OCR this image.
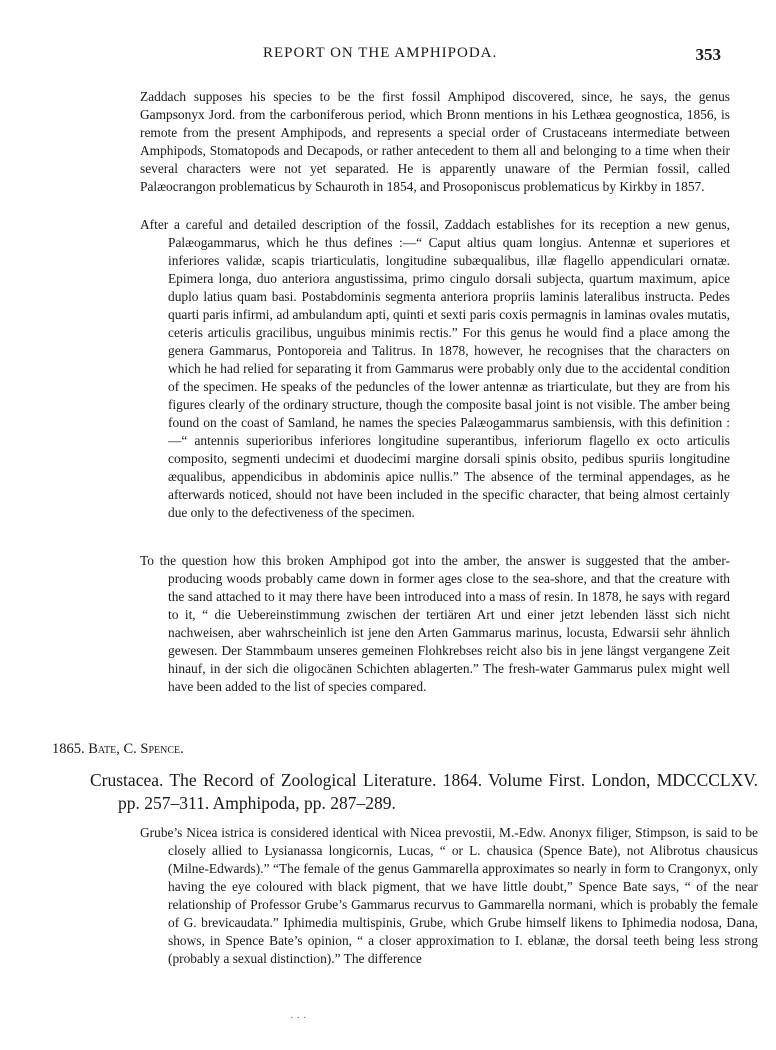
REPORT ON THE AMPHIPODA.	353

Zaddach supposes his species to be the first fossil Amphipod discovered, since, he says, the genus Gampsonyx Jord. from the carboniferous period, which Bronn mentions in his Lethæa geognostica, 1856, is remote from the present Amphipods, and represents a special order of Crustaceans intermediate between Amphipods, Stomatopods and Decapods, or rather antecedent to them all and belonging to a time when their several characters were not yet separated. He is apparently unaware of the Permian fossil, called Palæocrangon problematicus by Schauroth in 1854, and Prosoponiscus problematicus by Kirkby in 1857.

After a careful and detailed description of the fossil, Zaddach establishes for its reception a new genus, Palæogammarus, which he thus defines :—“ Caput altius quam longius. Antennæ et superiores et inferiores validæ, scapis triarticulatis, longitudine subæqualibus, illæ flagello appendiculari ornatæ. Epimera longa, duo anteriora angustissima, primo cingulo dorsali subjecta, quartum maximum, apice duplo latius quam basi. Postabdominis segmenta anteriora propriis laminis lateralibus instructa. Pedes quarti paris infirmi, ad ambulandum apti, quinti et sexti paris coxis permagnis in laminas ovales mutatis, ceteris articulis gracilibus, unguibus minimis rectis.” For this genus he would find a place among the genera Gammarus, Pontoporeia and Talitrus. In 1878, however, he recognises that the characters on which he had relied for separating it from Gammarus were probably only due to the accidental condition of the specimen. He speaks of the peduncles of the lower antennæ as triarticulate, but they are from his figures clearly of the ordinary structure, though the composite basal joint is not visible. The amber being found on the coast of Samland, he names the species Palæogammarus sambiensis, with this definition :—“ antennis superioribus inferiores longitudine superantibus, inferiorum flagello ex octo articulis composito, segmenti undecimi et duodecimi margine dorsali spinis obsito, pedibus spuriis longitudine æqualibus, appendicibus in abdominis apice nullis.” The absence of the terminal appendages, as he afterwards noticed, should not have been included in the specific character, that being almost certainly due only to the defectiveness of the specimen.

To the question how this broken Amphipod got into the amber, the answer is suggested that the amber-producing woods probably came down in former ages close to the sea-shore, and that the creature with the sand attached to it may there have been introduced into a mass of resin. In 1878, he says with regard to it, “ die Uebereinstimmung zwischen der tertiären Art und einer jetzt lebenden lässt sich nicht nachweisen, aber wahrscheinlich ist jene den Arten Gammarus marinus, locusta, Edwarsii sehr ähnlich gewesen. Der Stammbaum unseres gemeinen Flohkrebses reicht also bis in jene längst vergangene Zeit hinauf, in der sich die oligocänen Schichten ablagerten.” The fresh-water Gammarus pulex might well have been added to the list of species compared.

1865. Bate, C. Spence.
Crustacea. The Record of Zoological Literature. 1864. Volume First. London, MDCCCLXV. pp. 257–311. Amphipoda, pp. 287–289.
Grube’s Nicea istrica is considered identical with Nicea prevostii, M.-Edw. Anonyx filiger, Stimpson, is said to be closely allied to Lysianassa longicornis, Lucas, “ or L. chausica (Spence Bate), not Alibrotus chausicus (Milne-Edwards).” “The female of the genus Gammarella approximates so nearly in form to Crangonyx, only having the eye coloured with black pigment, that we have little doubt,” Spence Bate says, “ of the near relationship of Professor Grube’s Gammarus recurvus to Gammarella normani, which is probably the female of G. brevicaudata.” Iphimedia multispinis, Grube, which Grube himself likens to Iphimedia nodosa, Dana, shows, in Spence Bate’s opinion, “ a closer approximation to I. eblanæ, the dorsal teeth being less strong (probably a sexual distinction).” The difference
· · ·
